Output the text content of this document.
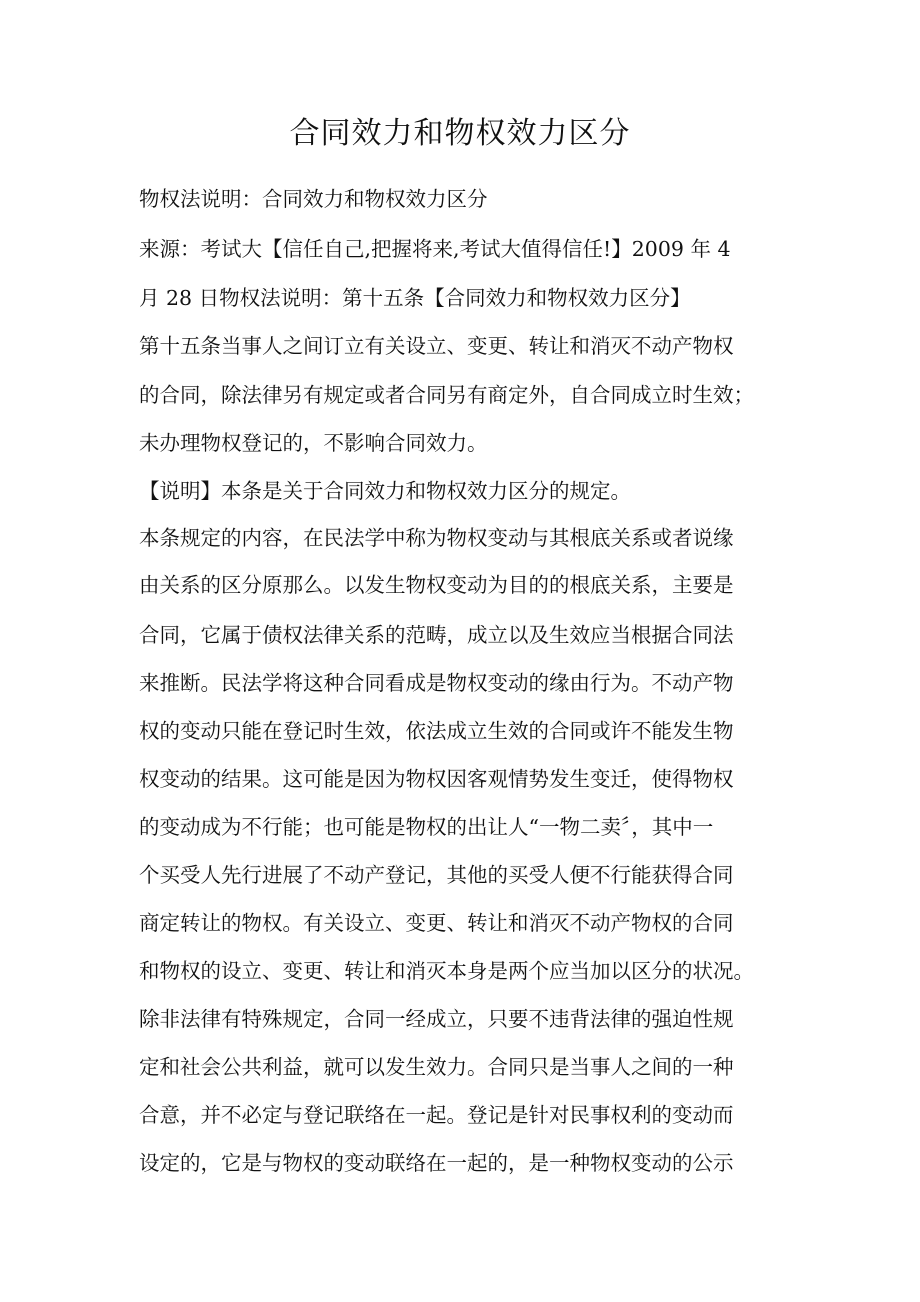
合同效力和物权效力区分

物权法说明：合同效力和物权效力区分

来源：考试大【信任自己,把握将来,考试大值得信任!】2009 年 4

月 28 日物权法说明：第十五条【合同效力和物权效力区分】

第十五条当事人之间订立有关设立、变更、转让和消灭不动产物权

的合同，除法律另有规定或者合同另有商定外，自合同成立时生效；

未办理物权登记的，不影响合同效力。

【说明】本条是关于合同效力和物权效力区分的规定。

本条规定的内容，在民法学中称为物权变动与其根底关系或者说缘

由关系的区分原那么。以发生物权变动为目的的根底关系，主要是

合同，它属于债权法律关系的范畴，成立以及生效应当根据合同法

来推断。民法学将这种合同看成是物权变动的缘由行为。不动产物

权的变动只能在登记时生效，依法成立生效的合同或许不能发生物

权变动的结果。这可能是因为物权因客观情势发生变迁，使得物权

的变动成为不行能；也可能是物权的出让人“一物二卖〞，其中一

个买受人先行进展了不动产登记，其他的买受人便不行能获得合同

商定转让的物权。有关设立、变更、转让和消灭不动产物权的合同

和物权的设立、变更、转让和消灭本身是两个应当加以区分的状况。

除非法律有特殊规定，合同一经成立，只要不违背法律的强迫性规

定和社会公共利益，就可以发生效力。合同只是当事人之间的一种

合意，并不必定与登记联络在一起。登记是针对民事权利的变动而

设定的，它是与物权的变动联络在一起的，是一种物权变动的公示
